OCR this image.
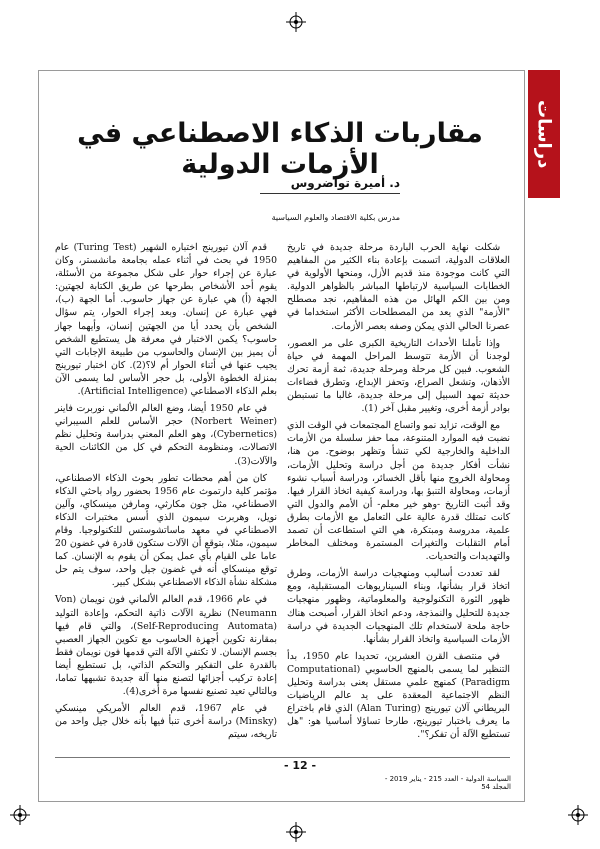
دراسات
مقاربات الذكاء الاصطناعي في الأزمات الدولية
د. أميرة تواضروس
مدرس بكلية الاقتصاد والعلوم السياسية

شكلت نهاية الحرب الباردة مرحلة جديدة في تاريخ العلاقات الدولية، اتسمت بإعادة بناء الكثير من المفاهيم التي كانت موجودة منذ قديم الأزل، ومنحها الأولوية في الخطابات السياسية لارتباطها المباشر بالظواهر الدولية. ومن بين الكم الهائل من هذه المفاهيم، نجد مصطلح "الأزمة" الذي يعد من المصطلحات الأكثر استخداما في عصرنا الحالي الذي يمكن وصفه بعصر الأزمات.

وإذا تأملنا الأحداث التاريخية الكبرى على مر العصور، لوجدنا أن الأزمة تتوسط المراحل المهمة في حياة الشعوب. فبين كل مرحلة ومرحلة جديدة، ثمة أزمة تحرك الأذهان، وتشعل الصراع، وتحفز الإبداع، وتطرق فضاءات حديثة تمهد السبيل إلى مرحلة جديدة، غالبا ما تستبطن بوادر أزمة أخرى، وتغيير مقبل آخر (1).

مع الوقت، تزايد نمو واتساع المجتمعات في الوقت الذي نضبت فيه الموارد المتنوعة، مما حفز سلسلة من الأزمات الداخلية والخارجية لكي تنشأ وتظهر بوضوح. من هنا، نشأت أفكار جديدة من أجل دراسة وتحليل الأزمات، ومحاولة الخروج منها بأقل الخسائر، ودراسة أسباب نشوء أزمات، ومحاولة التنبؤ بها، ودراسة كيفية اتخاذ القرار فيها. وقد أثبت التاريخ -وهو خير معلم- أن الأمم والدول التي كانت تمتلك قدرة عالية على التعامل مع الأزمات بطرق علمية، مدروسة ومبتكرة، هي التي استطاعت أن تصمد أمام التقلبات والتغيرات المستمرة ومختلف المخاطر والتهديدات والتحديات.

لقد تعددت أساليب ومنهجيات دراسة الأزمات، وطرق اتخاذ قرار بشأنها، وبناء السيناريوهات المستقبلية، ومع ظهور الثورة التكنولوجية والمعلوماتية، وظهور منهجيات جديدة للتحليل والنمذجة، ودعم اتخاذ القرار، أصبحت هناك حاجة ملحة لاستخدام تلك المنهجيات الجديدة في دراسة الأزمات السياسية واتخاذ القرار بشأنها.

في منتصف القرن العشرين، تحديدا عام 1950، بدأ التنظير لما يسمى بالمنهج الحاسوبي (Computational Paradigm) كمنهج علمي مستقل يعنى بدراسة وتحليل النظم الاجتماعية المعقدة على يد عالم الرياضيات البريطاني آلان تيورينج (Alan Turing) الذي قام باختراع ما يعرف باختبار تيورينج، طارحا تساؤلا أساسيا هو: "هل تستطيع الآلة أن تفكر؟".

قدم آلان تيورينج اختباره الشهير (Turing Test) عام 1950 في بحث في أثناء عمله بجامعة مانشستر، وكان عبارة عن إجراء حوار على شكل مجموعة من الأسئلة، يقوم أحد الأشخاص بطرحها عن طريق الكتابة لجهتين: الجهة (أ) هي عبارة عن جهاز حاسوب. أما الجهة (ب)، فهي عبارة عن إنسان. وبعد إجراء الحوار، يتم سؤال الشخص بأن يحدد أيا من الجهتين إنسان، وأيهما جهاز حاسوب؟ يكمن الاختبار في معرفة هل يستطيع الشخص أن يميز بين الإنسان والحاسوب من طبيعة الإجابات التي يجيب عنها في أثناء الحوار أم لا؟(2). كان اختبار تيورينج بمنزلة الخطوة الأولى، بل حجر الأساس لما يسمى الآن بعلم الذكاء الاصطناعي (Artificial Intelligence).

في عام 1950 أيضا، وضع العالم الألماني نوربرت فاينر (Norbert Weiner) حجر الأساس للعلم السيبراني (Cybernetics)، وهو العلم المعني بدراسة وتحليل نظم الاتصالات، ومنظومة التحكم في كل من الكائنات الحية والآلات(3).

كان من أهم محطات تطور بحوث الذكاء الاصطناعي، مؤتمر كلية دارتموث عام 1956 بحضور رواد باحثي الذكاء الاصطناعي، مثل جون مكارثي، ومارفن مينسكاي، وآلين نويل، وهربرت سيمون الذي أسس مختبرات الذكاء الاصطناعي في معهد ماساتشوستس للتكنولوجيا. وقام سيمون، مثلا، بتوقع أن الآلات ستكون قادرة في غضون 20 عاما على القيام بأي عمل يمكن أن يقوم به الإنسان. كما توقع مينسكاي أنه في غضون جيل واحد، سوف يتم حل مشكلة نشأة الذكاء الاصطناعي بشكل كبير.

في عام 1966، قدم العالم الألماني فون نويمان (Von Neumann) نظرية الآلات ذاتية التحكم، وإعادة التوليد (Self-Reproducing Automata)، والتي قام فيها بمقارنة تكوين أجهزة الحاسوب مع تكوين الجهاز العصبي بجسم الإنسان. لا تكتفي الآلة التي قدمها فون نويمان فقط بالقدرة على التفكير والتحكم الذاتي، بل تستطيع أيضا إعادة تركيب أجزائها لتصنع منها آلة جديدة تشبهها تماما، وبالتالي تعيد تصنيع نفسها مرة أخرى(4).

في عام 1967، قدم العالم الأمريكي مينسكي (Minsky) دراسة أخرى تنبأ فيها بأنه خلال جيل واحد من تاريخه، سيتم

- 12 -
السياسة الدولية - العدد 215 - يناير 2019 - المجلد 54
